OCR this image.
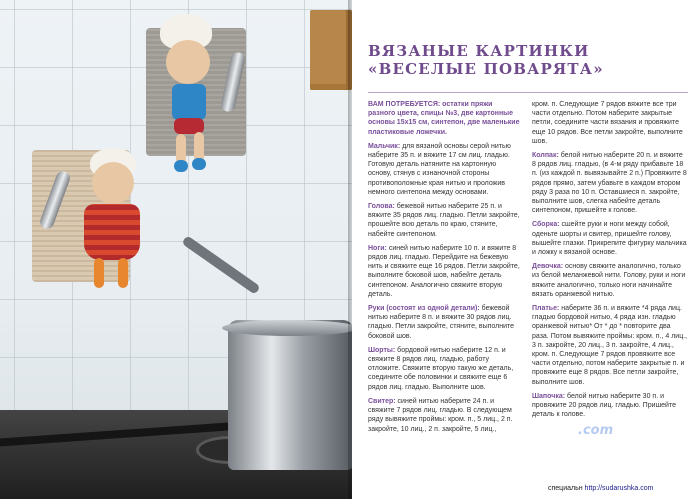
ВЯЗАНЫЕ КАРТИНКИ
«ВЕСЕЛЫЕ ПОВАРЯТА»

ВАМ ПОТРЕБУЕТСЯ: остатки пряжи разного цвета, спицы №3, две картонные основы 15х15 см, синтепон, две маленькие пластиковые ложечки.

Мальчик: для вязаной основы серой нитью наберите 35 п. и вяжите 17 см лиц. гладью. Готовую деталь натяните на картонную основу, стянув с изнаночной стороны противоположные края нитью и проложив немного синтепона между основами.

Голова: бежевой нитью наберите 25 п. и вяжите 35 рядов лиц. гладью. Петли закройте, прошейте всю деталь по краю, стяните, набейте синтепоном.

Ноги: синей нитью наберите 10 п. и вяжите 8 рядов лиц. гладью. Перейдите на бежевую нить и свяжите еще 16 рядов. Петли закройте, выполните боковой шов, набейте деталь синтепоном. Аналогично свяжите вторую деталь.

Руки (состоят из одной детали): бежевой нитью наберите 8 п. и вяжите 30 рядов лиц. гладью. Петли закройте, стяните, выполните боковой шов.

Шорты: бордовой нитью наберите 12 п. и свяжите 8 рядов лиц. гладью, работу отложите. Свяжите вторую такую же деталь, соедините обе половинки и свяжите еще 6 рядов лиц. гладью. Выполните шов.

Свитер: синей нитью наберите 24 п. и свяжите 7 рядов лиц. гладью. В следующем ряду вывяжите проймы: кром. п., 5 лиц., 2 п. закройте, 10 лиц., 2 п. закройте, 5 лиц.,

кром. п. Следующие 7 рядов вяжите все три части отдельно. Потом наберите закрытые петли, соедините части вязания и провяжите еще 10 рядов. Все петли закройте, выполните шов.

Колпак: белой нитью наберите 20 п. и вяжите 8 рядов лиц. гладью, (в 4-м ряду прибавьте 18 п. (из каждой п. вывязывайте 2 п.) Провяжите 8 рядов прямо, затем убавьте в каждом втором ряду 3 раза по 10 п. Оставшиеся п. закройте, выполните шов, слегка набейте деталь синтепоном, пришейте к голове.

Сборка: сшейте руки и ноги между собой, оденьте шорты и свитер, пришейте голову, вышейте глазки. Прикрепите фигурку мальчика и ложку к вязаной основе.

Девочка: основу свяжите аналогично, только из белой меланжевой нити. Голову, руки и ноги вяжите аналогично, только ноги начинайте вязать оранжевой нитью.

Платье: наберите 36 п. и вяжите *4 ряда лиц. гладью бордовой нитью, 4 ряда изн. гладью оранжевой нитью* От * до * повторите два раза. Потом вывяжите проймы: кром. п., 4 лиц., 3 п. закройте, 20 лиц., 3 п. закройте, 4 лиц., кром. п. Следующие 7 рядов провяжите все части отдельно, потом наберите закрытые п. и провяжите еще 8 рядов. Все петли закройте, выполните шов.

Шапочка: белой нитью наберите 30 п. и провяжите 20 рядов лиц. гладью. Пришейте деталь к голове.

.com
специальн http://sudarushka.com
